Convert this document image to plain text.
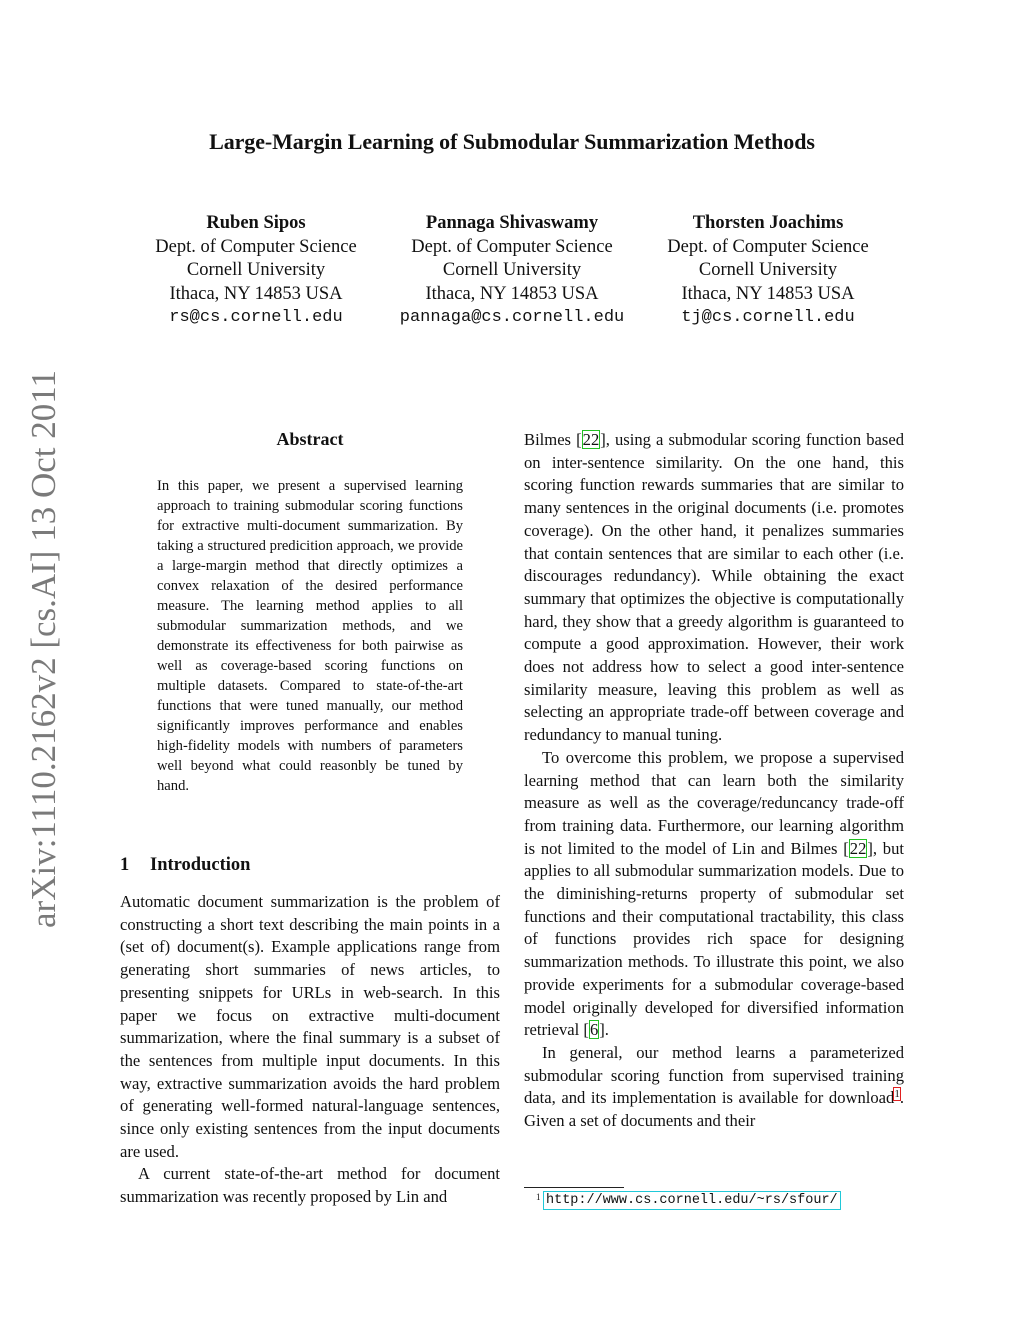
Large-Margin Learning of Submodular Summarization Methods
Ruben Sipos
Dept. of Computer Science
Cornell University
Ithaca, NY 14853 USA
rs@cs.cornell.edu
Pannaga Shivaswamy
Dept. of Computer Science
Cornell University
Ithaca, NY 14853 USA
pannaga@cs.cornell.edu
Thorsten Joachims
Dept. of Computer Science
Cornell University
Ithaca, NY 14853 USA
tj@cs.cornell.edu
arXiv:1110.2162v2 [cs.AI] 13 Oct 2011	Abstract
In this paper, we present a supervised learning approach to training submodular scoring functions for extractive multi-document summarization. By taking a structured predicition approach, we provide a large-margin method that directly optimizes a convex relaxation of the desired performance measure. The learning method applies to all submodular summarization methods, and we demonstrate its effectiveness for both pairwise as well as coverage-based scoring functions on multiple datasets. Compared to state-of-the-art functions that were tuned manually, our method significantly improves performance and enables high-fidelity models with numbers of parameters well beyond what could reasonbly be tuned by hand.
1 Introduction

Automatic document summarization is the problem of constructing a short text describing the main points in a (set of) document(s). Example applications range from generating short summaries of news articles, to presenting snippets for URLs in web-search. In this paper we focus on extractive multi-document summarization, where the final summary is a subset of the sentences from multiple input documents. In this way, extractive summarization avoids the hard problem of generating well-formed natural-language sentences, since only existing sentences from the input documents are used.

A current state-of-the-art method for document summarization was recently proposed by Lin and

Bilmes [22], using a submodular scoring function based on inter-sentence similarity. On the one hand, this scoring function rewards summaries that are similar to many sentences in the original documents (i.e. promotes coverage). On the other hand, it penalizes summaries that contain sentences that are similar to each other (i.e. discourages redundancy). While obtaining the exact summary that optimizes the objective is computationally hard, they show that a greedy algorithm is guaranteed to compute a good approximation. However, their work does not address how to select a good inter-sentence similarity measure, leaving this problem as well as selecting an appropriate trade-off between coverage and redundancy to manual tuning.

To overcome this problem, we propose a supervised learning method that can learn both the similarity measure as well as the coverage/reduncancy trade-off from training data. Furthermore, our learning algorithm is not limited to the model of Lin and Bilmes [22], but applies to all submodular summarization models. Due to the diminishing-returns property of submodular set functions and their computational tractability, this class of functions provides rich space for designing summarization methods. To illustrate this point, we also provide experiments for a submodular coverage-based model originally developed for diversified information retrieval [6].

In general, our method learns a parameterized submodular scoring function from supervised training data, and its implementation is available for download$^1$. Given a set of documents and their

1 http://www.cs.cornell.edu/~rs/sfour/
